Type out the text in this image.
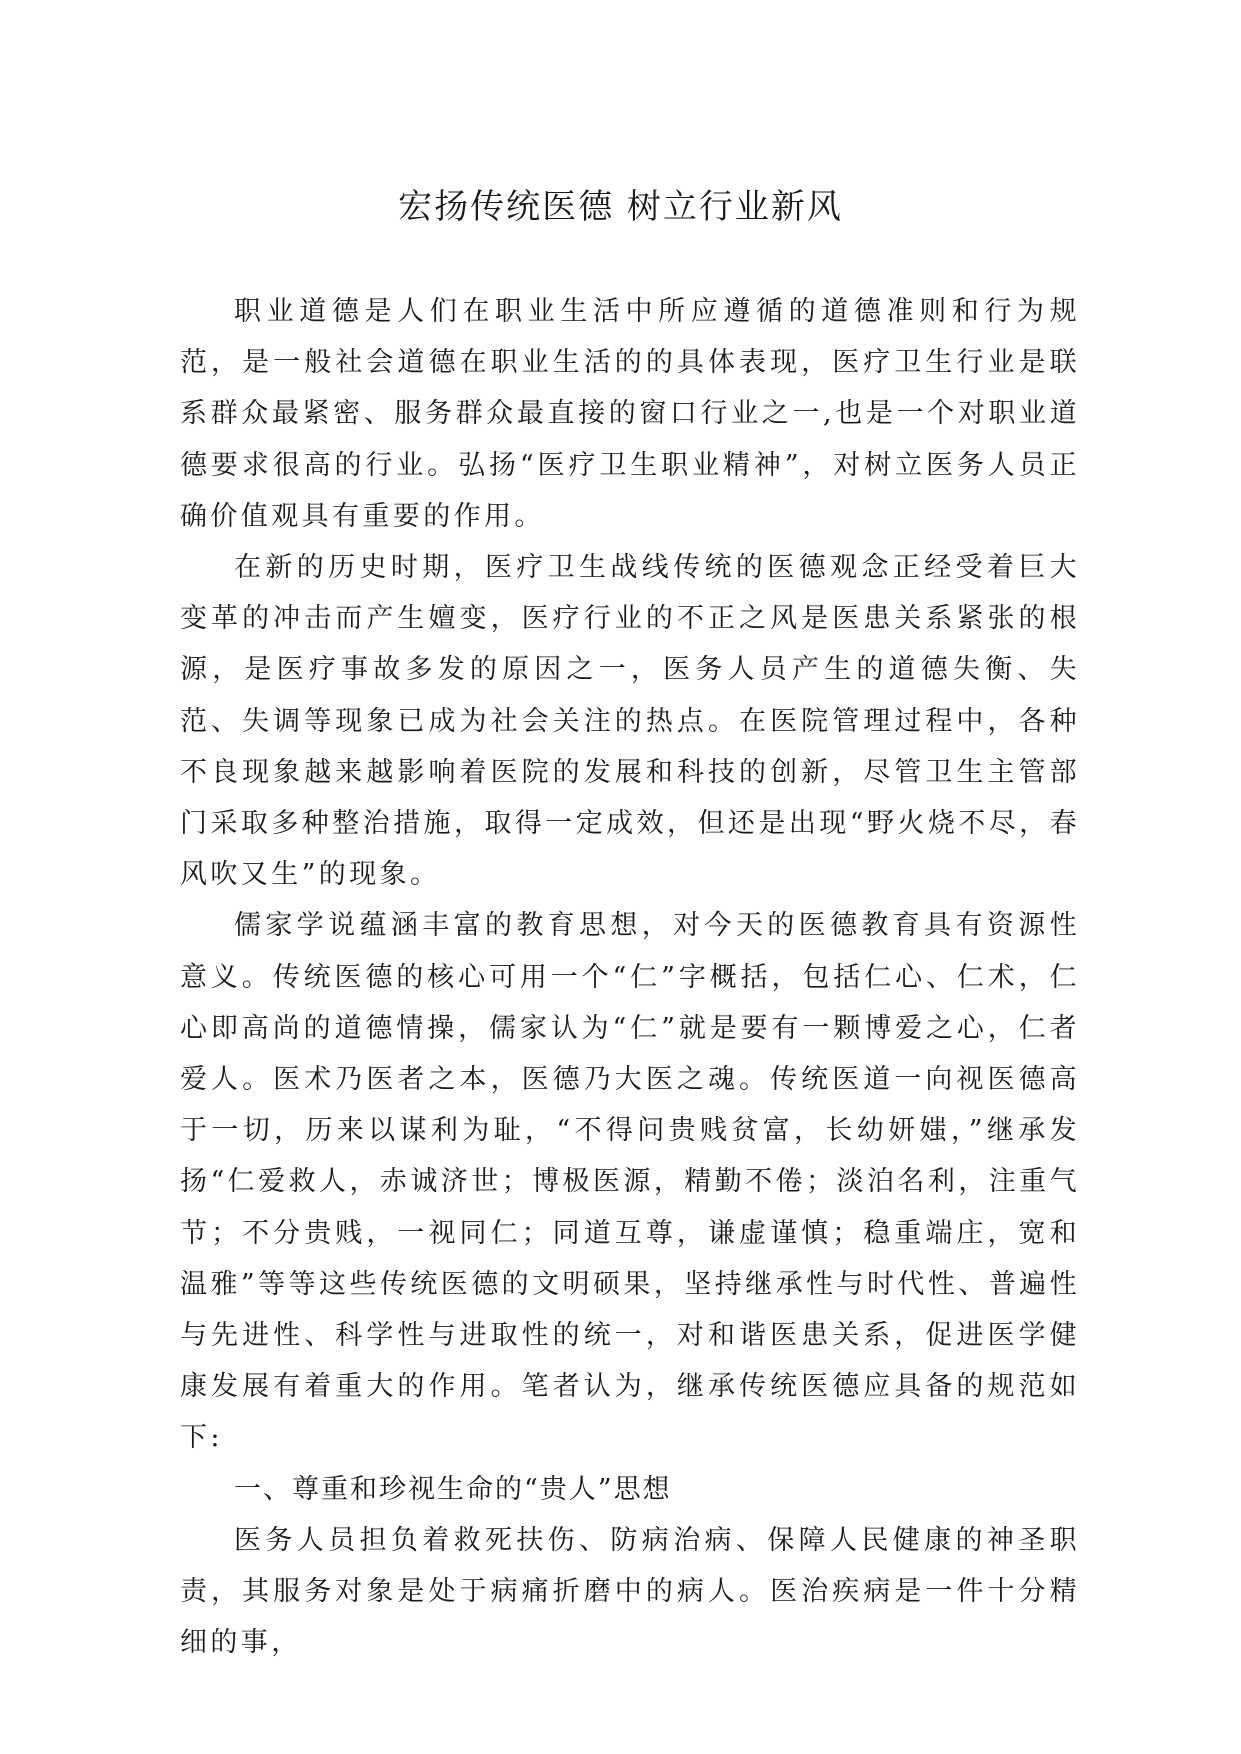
宏扬传统医德 树立行业新风

职业道德是人们在职业生活中所应遵循的道德准则和行为规范，是一般社会道德在职业生活的的具体表现，医疗卫生行业是联系群众最紧密、服务群众最直接的窗口行业之一,也是一个对职业道德要求很高的行业。弘扬“医疗卫生职业精神”，对树立医务人员正确价值观具有重要的作用。

在新的历史时期，医疗卫生战线传统的医德观念正经受着巨大变革的冲击而产生嬗变，医疗行业的不正之风是医患关系紧张的根源，是医疗事故多发的原因之一，医务人员产生的道德失衡、失范、失调等现象已成为社会关注的热点。在医院管理过程中，各种不良现象越来越影响着医院的发展和科技的创新，尽管卫生主管部门采取多种整治措施，取得一定成效，但还是出现“野火烧不尽，春风吹又生”的现象。

儒家学说蕴涵丰富的教育思想，对今天的医德教育具有资源性意义。传统医德的核心可用一个“仁”字概括，包括仁心、仁术，仁心即高尚的道德情操，儒家认为“仁”就是要有一颗博爱之心，仁者爱人。医术乃医者之本，医德乃大医之魂。传统医道一向视医德高于一切，历来以谋利为耻，“不得问贵贱贫富，长幼妍媸，”继承发扬“仁爱救人，赤诚济世；博极医源，精勤不倦；淡泊名利，注重气节；不分贵贱，一视同仁；同道互尊，谦虚谨慎；稳重端庄，宽和温雅”等等这些传统医德的文明硕果，坚持继承性与时代性、普遍性与先进性、科学性与进取性的统一，对和谐医患关系，促进医学健康发展有着重大的作用。笔者认为，继承传统医德应具备的规范如下:

一、尊重和珍视生命的“贵人”思想

医务人员担负着救死扶伤、防病治病、保障人民健康的神圣职责，其服务对象是处于病痛折磨中的病人。医治疾病是一件十分精细的事，
